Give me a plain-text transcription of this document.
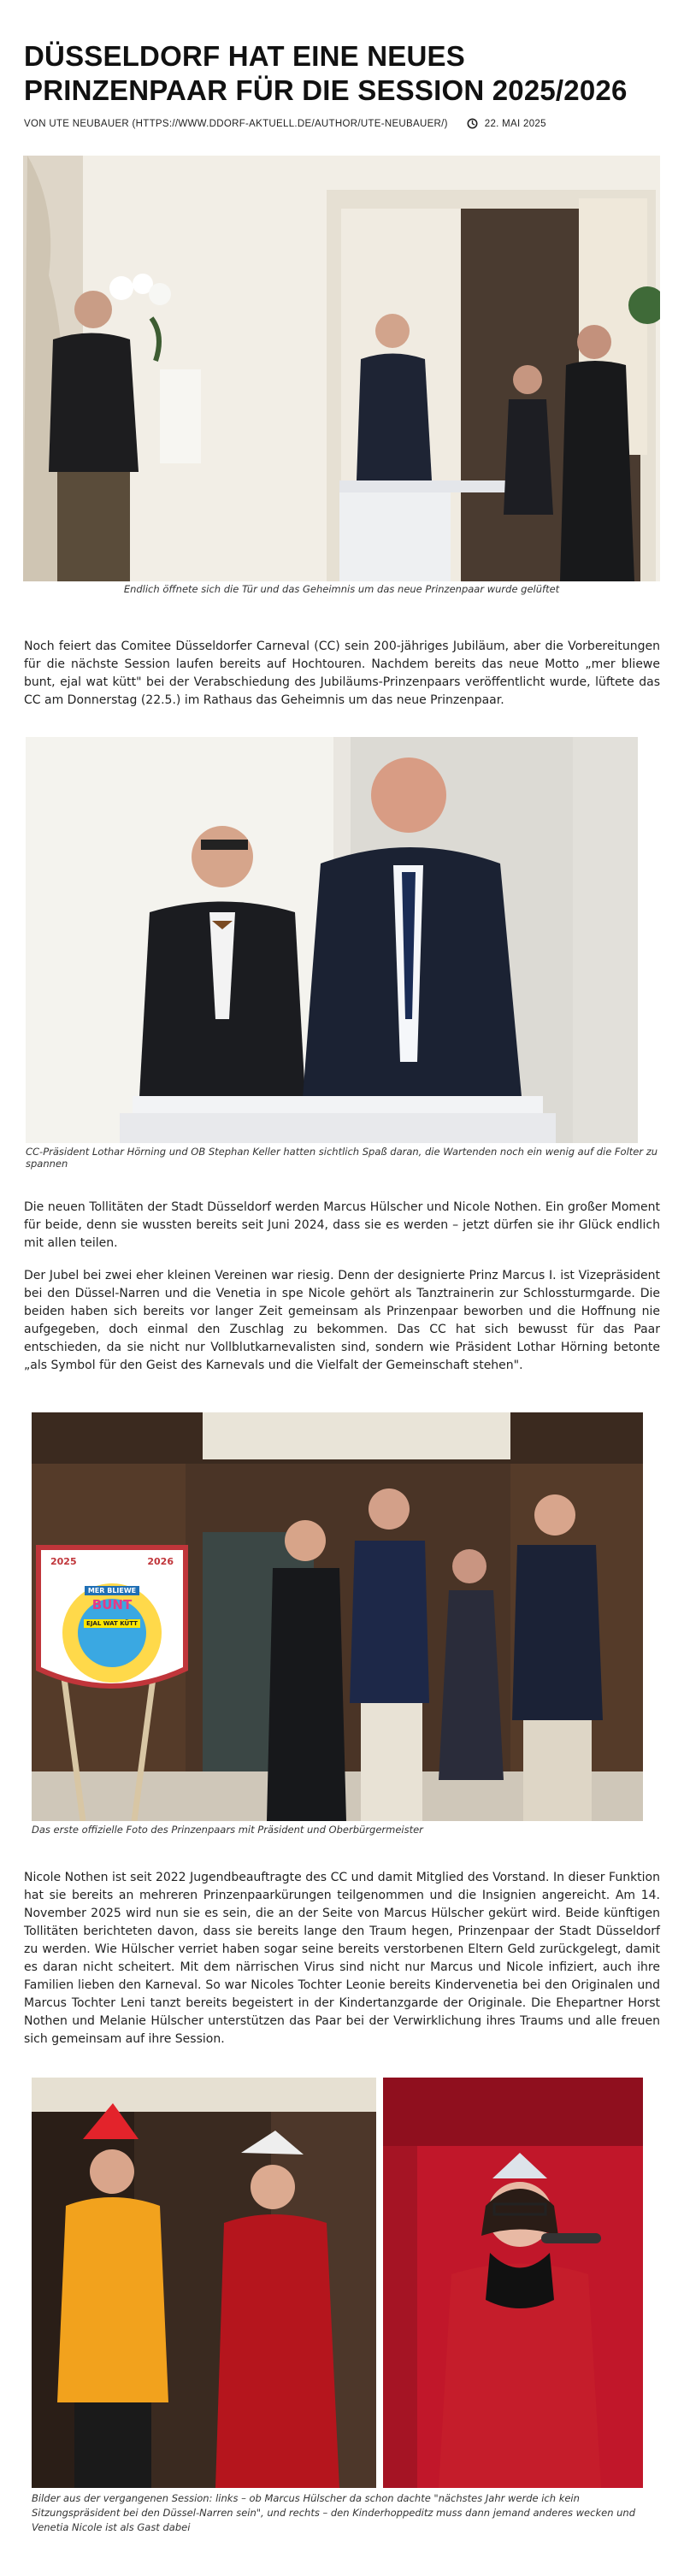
DÜSSELDORF HAT EINE NEUES PRINZENPAAR FÜR DIE SESSION 2025/2026
VON
UTE NEUBAUER (HTTPS://WWW.DDORF-AKTUELL.DE/AUTHOR/UTE-NEUBAUER/)	22. MAI 2025
Endlich öffnete sich die Tür und das Geheimnis um das neue Prinzenpaar wurde gelüftet

Noch feiert das Comitee Düsseldorfer Carneval (CC) sein 200-jähriges Jubiläum, aber die Vorbereitungen für die nächste Session laufen bereits auf Hochtouren. Nachdem bereits das neue Motto „mer bliewe bunt, ejal wat kütt" bei der Verabschiedung des Jubiläums-Prinzenpaars veröffentlicht wurde, lüftete das CC am Donnerstag (22.5.) im Rathaus das Geheimnis um das neue Prinzenpaar.

CC-Präsident Lothar Hörning und OB Stephan Keller hatten sichtlich Spaß daran, die Wartenden noch ein wenig auf die Folter zu spannen

Die neuen Tollitäten der Stadt Düsseldorf werden Marcus Hülscher und Nicole Nothen. Ein großer Moment für beide, denn sie wussten bereits seit Juni 2024, dass sie es werden – jetzt dürfen sie ihr Glück endlich mit allen teilen.

Der Jubel bei zwei eher kleinen Vereinen war riesig. Denn der designierte Prinz Marcus I. ist Vizepräsident bei den Düssel-Narren und die Venetia in spe Nicole gehört als Tanztrainerin zur Schlossturmgarde. Die beiden haben sich bereits vor langer Zeit gemeinsam als Prinzenpaar beworben und die Hoffnung nie aufgegeben, doch einmal den Zuschlag zu bekommen. Das CC hat sich bewusst für das Paar entschieden, da sie nicht nur Vollblutkarnevalisten sind, sondern wie Präsident Lothar Hörning betonte „als Symbol für den Geist des Karnevals und die Vielfalt der Gemeinschaft stehen".

2025	2026
MER BLIEWE
BUNT
EJAL WAT KÜTT
Das erste offizielle Foto des Prinzenpaars mit Präsident und Oberbürgermeister

Nicole Nothen ist seit 2022 Jugendbeauftragte des CC und damit Mitglied des Vorstand. In dieser Funktion hat sie bereits an mehreren Prinzenpaarkürungen teilgenommen und die Insignien angereicht. Am 14. November 2025 wird nun sie es sein, die an der Seite von Marcus Hülscher gekürt wird. Beide künftigen Tollitäten berichteten davon, dass sie bereits lange den Traum hegen, Prinzenpaar der Stadt Düsseldorf zu werden. Wie Hülscher verriet haben sogar seine bereits verstorbenen Eltern Geld zurückgelegt, damit es daran nicht scheitert. Mit dem närrischen Virus sind nicht nur Marcus und Nicole infiziert, auch ihre Familien lieben den Karneval. So war Nicoles Tochter Leonie bereits Kindervenetia bei den Originalen und Marcus Tochter Leni tanzt bereits begeistert in der Kindertanzgarde der Originale. Die Ehepartner Horst Nothen und Melanie Hülscher unterstützen das Paar bei der Verwirklichung ihres Traums und alle freuen sich gemeinsam auf ihre Session.

Bilder aus der vergangenen Session: links – ob Marcus Hülscher da schon dachte "nächstes Jahr werde ich kein Sitzungspräsident bei den Düssel-Narren sein", und rechts – den Kinderhoppeditz muss dann jemand anderes wecken und Venetia Nicole ist als Gast dabei
